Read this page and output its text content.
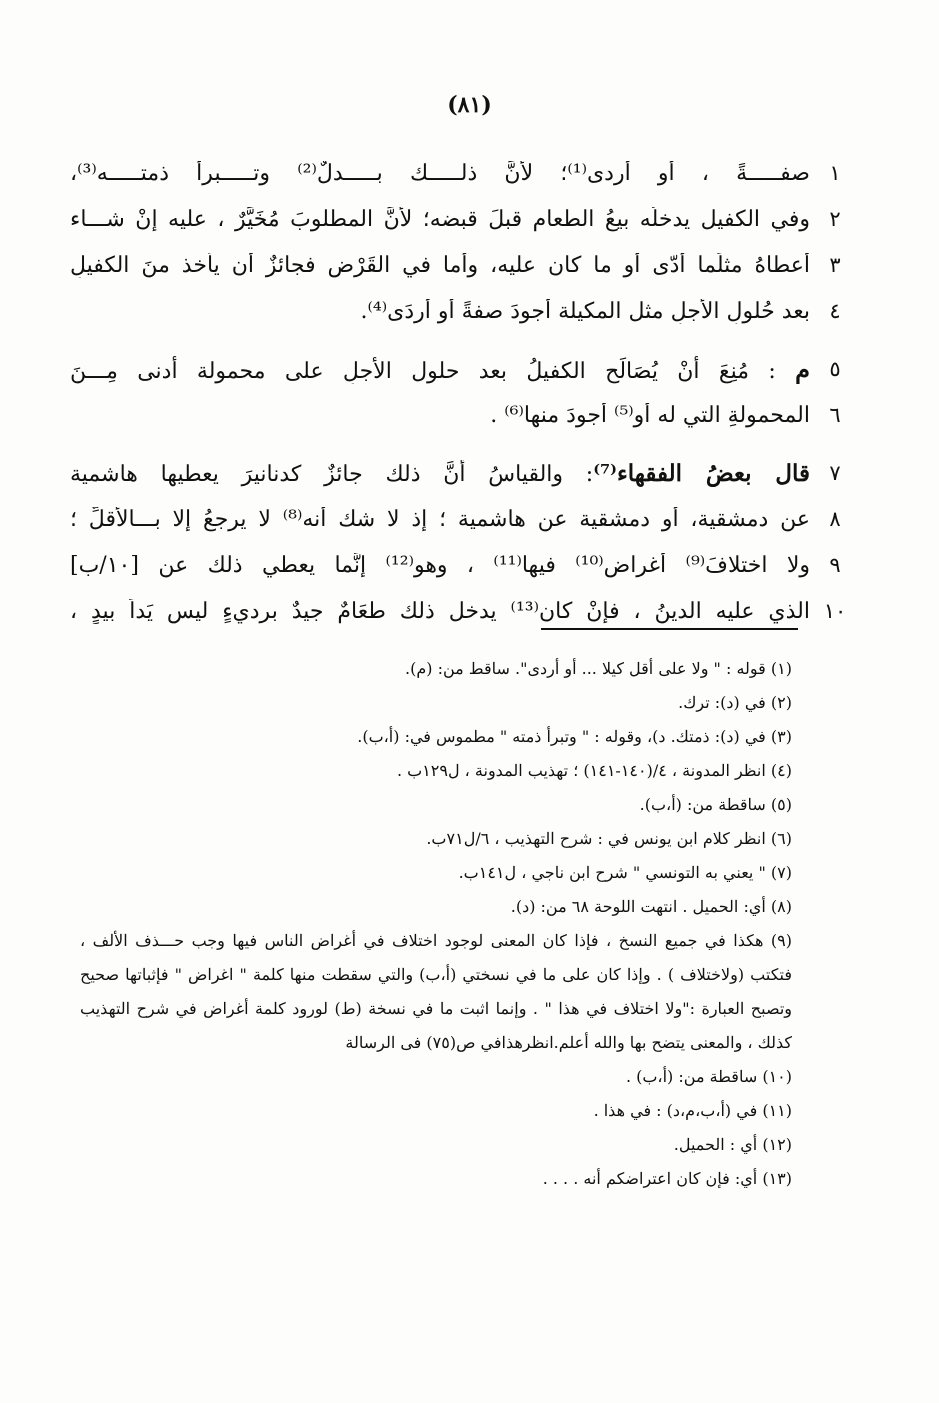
(٨١)
١
صفـــــةً ، أو أردى⁽¹⁾؛ لأنَّ ذلـــــك بـــــدلٌ⁽²⁾ وتـــــبرأ ذمتـــــه⁽³⁾،
٢
وفي الكفيل يدخلُه بيعُ الطعام قبلَ قبضه؛ لأنَّ المطلوبَ مُخَيَّرٌ ، عليه إنْ شـــاء
٣
أعطاهُ مثلَما أدّى أو ما كان عليه، وأما في القَرْض فجائزٌ أن يأخذ منَ الكفيلِ
٤
بعد حُلولِ الأجلِ مثل المكيلة أجودَ صفةً أو أردَى⁽⁴⁾.
٥
م : مُنِعَ أنْ يُصَالَح الكفيلُ بعد حلول الأجلِ على محمولة أدنى مِـــنَ
٦
المحمولةِ التي له أو⁽⁵⁾ أجودَ منها⁽⁶⁾ .
٧
قال بعضُ الفقهاء⁽⁷⁾: والقياسُ أنَّ ذلك جائزٌ كدنانيرَ يعطيها هاشمية
٨
عن دمشقية، أو دمشقية عن هاشمية ؛ إذ لا شك أنه⁽⁸⁾ لا يرجعُ إلا بـــالأقلِّ ؛
٩
ولا اختلافَ⁽⁹⁾ أغراضٍ⁽¹⁰⁾ فيها⁽¹¹⁾ ، وهو⁽¹²⁾ إنَّما يعطي ذلك عن [١٠/ب]
١٠
الذي عليه الدينُ ، فإنْ كان⁽¹³⁾ يدخل ذلك طعَامٌ جيدٌ برديءٍ ليس يَداً بيدٍ ،
(١) قوله : " ولا على أقل كيلا ... أو أردى". ساقط من: (م).
(٢) في (د): ترك.
(٣) في (د): ذمتك. د)، وقوله : " وتبرأ ذمته " مطموس في: (أ،ب).
(٤) انظر المدونة ، ٤/(١٤٠-١٤١) ؛ تهذيب المدونة ، ل١٢٩ب .
(٥) ساقطة من: (أ،ب).
(٦) انظر كلام ابن يونس في : شرح التهذيب ، ٦/ل٧١ب.
(٧) " يعني به التونسي " شرح ابن ناجي ، ل١٤١ب.
(٨) أي: الحميل . انتهت اللوحة ٦٨ من: (د).
(٩) هكذا في جميع النسخ ، فإذا كان المعنى لوجود اختلاف في أغراض الناس فيها وجب حـــذف الألف ، فتكتب (ولاختلاف ) . وإذا كان على ما في نسختي (أ،ب) والتي سقطت منها كلمة " اغراض " فإثباتها صحيح وتصبح العبارة :"ولا اختلاف في هذا " . وإنما اثبت ما في نسخة (ط) لورود كلمة أغراض في شرح التهذيب كذلك ، والمعنى يتضح بها والله أعلم.انظرهذافي ص(٧٥) فى الرسالة
(١٠) ساقطة من: (أ،ب) .
(١١) في (أ،ب،م،د) : في هذا .
(١٢) أي : الحميل.
(١٣) أي: فإن كان اعتراضكم أنه . . . .
